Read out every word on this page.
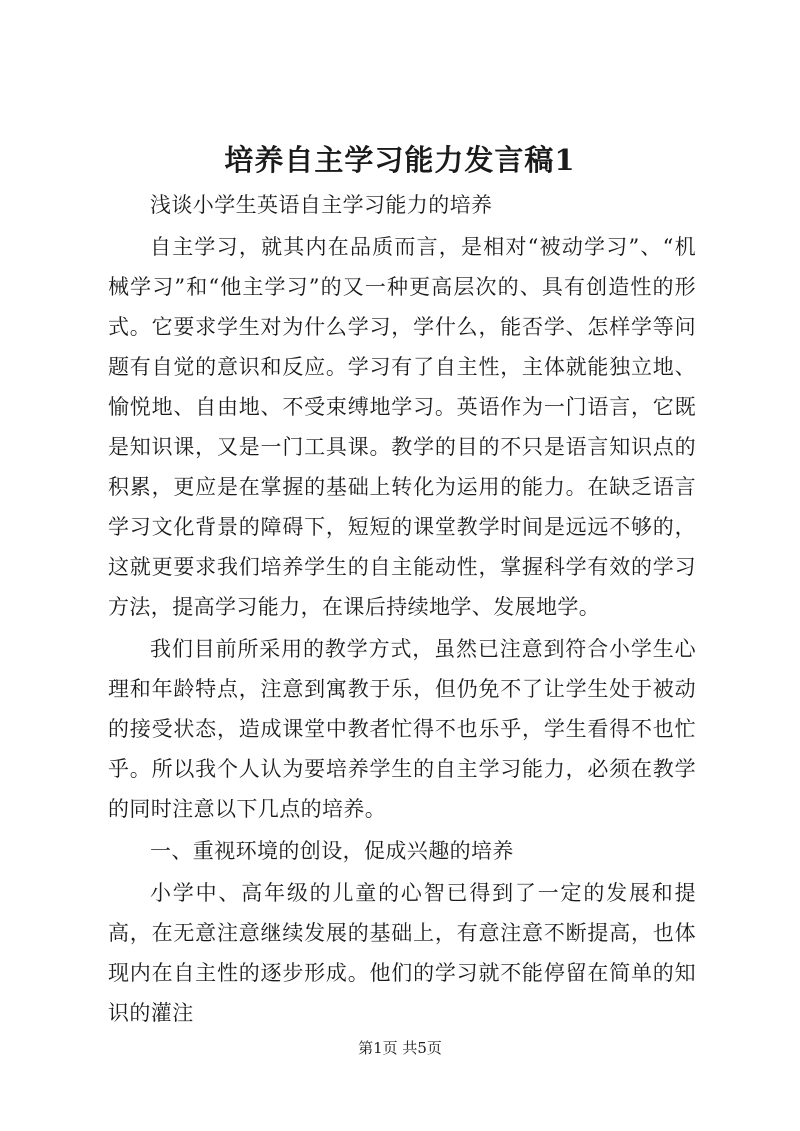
培养自主学习能力发言稿1

浅谈小学生英语自主学习能力的培养

自主学习，就其内在品质而言，是相对“被动学习”、“机械学习”和“他主学习”的又一种更高层次的、具有创造性的形式。它要求学生对为什么学习，学什么，能否学、怎样学等问题有自觉的意识和反应。学习有了自主性，主体就能独立地、愉悦地、自由地、不受束缚地学习。英语作为一门语言，它既是知识课，又是一门工具课。教学的目的不只是语言知识点的积累，更应是在掌握的基础上转化为运用的能力。在缺乏语言学习文化背景的障碍下，短短的课堂教学时间是远远不够的，这就更要求我们培养学生的自主能动性，掌握科学有效的学习方法，提高学习能力，在课后持续地学、发展地学。

我们目前所采用的教学方式，虽然已注意到符合小学生心理和年龄特点，注意到寓教于乐，但仍免不了让学生处于被动的接受状态，造成课堂中教者忙得不也乐乎，学生看得不也忙乎。所以我个人认为要培养学生的自主学习能力，必须在教学的同时注意以下几点的培养。

一、重视环境的创设，促成兴趣的培养

小学中、高年级的儿童的心智已得到了一定的发展和提高，在无意注意继续发展的基础上，有意注意不断提高，也体现内在自主性的逐步形成。他们的学习就不能停留在简单的知识的灌注

第1页 共5页
